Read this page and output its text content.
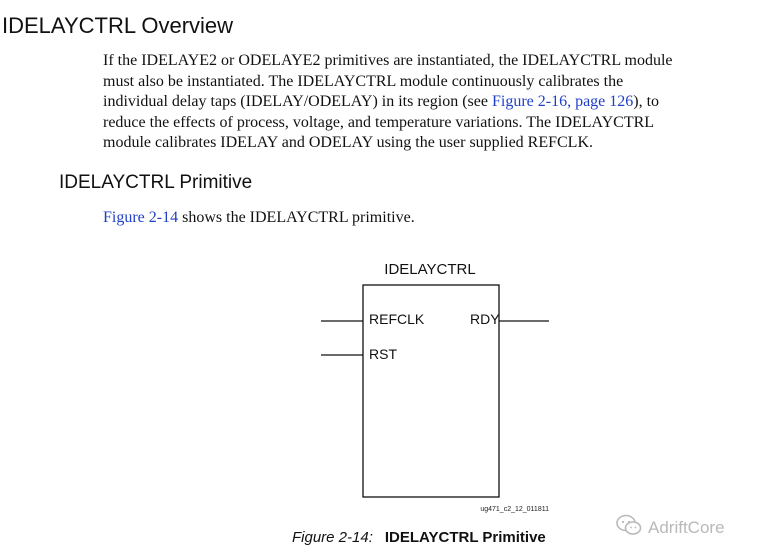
IDELAYCTRL Overview
If the IDELAYE2 or ODELAYE2 primitives are instantiated, the IDELAYCTRL module
must also be instantiated. The IDELAYCTRL module continuously calibrates the
individual delay taps (IDELAY/ODELAY) in its region (see Figure 2-16, page 126), to
reduce the effects of process, voltage, and temperature variations. The IDELAYCTRL
module calibrates IDELAY and ODELAY using the user supplied REFCLK.
IDELAYCTRL Primitive
Figure 2-14 shows the IDELAYCTRL primitive.
IDELAYCTRL
REFCLK
RST
RDY
ug471_c2_12_011811
Figure 2-14: IDELAYCTRL Primitive
AdriftCore
